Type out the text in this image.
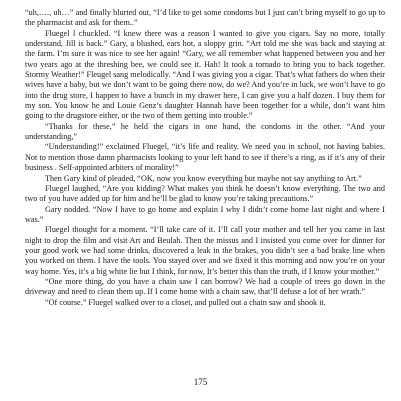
“uh,…., uh…” and finally blurted out, “I’d like to get some condoms but I just can’t bring myself to go up to the pharmacist and ask for them..”

Fluegel l chuckled. “I knew there was a reason I wanted to give you cigars. Say no more, totally understand, Jill is back.” Gary, a blushed, ears hot, a sloppy grin. “Art told me she was back and staying at the farm. I’m sure it was nice to see her again! “Gary, we all remember what happened between you and her two years ago at the threshing bee, we could see it. Hah! It took a tornado to bring you to back together. Stormy Weather!” Fleugel sang melodically. “And I was giving you a cigar. That’s what fathers do when their wives have a baby, but we don’t want to be going there now, do we? And you’re in luck, we won’t have to go into the drug store, I happen to have a bunch in my drawer here, I can give you a half dozen. I buy them for my son. You know he and Louie Genz’s daughter Hannah have been together for a while, don’t want him going to the drugstore either, or the two of them getting into trouble.”

“Thanks for these,” he held the cigars in one hand, the condoms in the other. “And your understanding,”

“Understanding!” exclaimed Fluegel, “it’s life and reality. We need you in school, not having babies. Not to mention those damn pharmacists looking to your left hand to see if there’s a ring, as if it’s any of their business . Self-appointed arbiters of morality!”

Then Gary kind of pleaded, “OK, now you know everything but maybe not say anything to Art.”

Fluegel laughed, “Are you kidding? What makes you think he doesn’t know everything. The two and two of you have added up for him and he’ll be glad to know you’re taking precautions.”

Gary nodded. “Now I have to go home and explain I why I didn’t come home last night and where I was.”

Fluegel thought for a moment. “I’ll take care of it. I’ll call your mother and tell her you came in last night to drop the film and visit Art and Beulah. Then the missus and I insisted you come over for dinner for your good work we had some drinks, discovered a leak in the brakes, you didn’t see a bad brake line when you worked on them. I have the tools. You stayed over and we fixed it this morning and now you’re on your way home. Yes, it’s a big white lie but I think, for now, It’s better this than the truth, if I know your mother.”

“One more thing, do you have a chain saw I can borrow? We had a couple of trees go down in the driveway and need to clean them up. If I come home with a chain saw, that’ll defuse a lot of her wrath.”

“Of course.” Fluegel walked over to a closet, and pulled out a chain saw and shook it.

175
